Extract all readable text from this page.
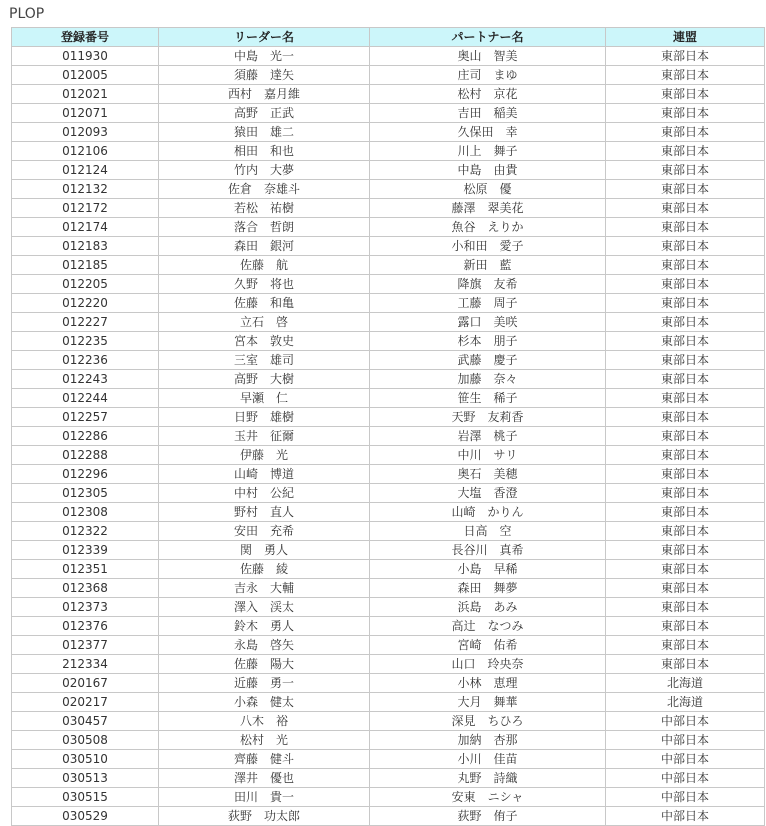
PLOP
登録番号	リーダー名	パートナー名	連盟
011930	中島　光一	奥山　智美	東部日本
012005	須藤　達矢	庄司　まゆ	東部日本
012021	西村　嘉月維	松村　京花	東部日本
012071	高野　正武	吉田　稲美	東部日本
012093	猿田　雄二	久保田　幸	東部日本
012106	相田　和也	川上　舞子	東部日本
012124	竹内　大夢	中島　由貴	東部日本
012132	佐倉　奈雄斗	松原　優	東部日本
012172	若松　祐樹	藤澤　翠美花	東部日本
012174	落合　哲朗	魚谷　えりか	東部日本
012183	森田　銀河	小和田　愛子	東部日本
012185	佐藤　航	新田　藍	東部日本
012205	久野　将也	降旗　友希	東部日本
012220	佐藤　和亀	工藤　周子	東部日本
012227	立石　啓	露口　美咲	東部日本
012235	宮本　敦史	杉本　朋子	東部日本
012236	三室　雄司	武藤　慶子	東部日本
012243	高野　大樹	加藤　奈々	東部日本
012244	早瀬　仁	笹生　稀子	東部日本
012257	日野　雄樹	天野　友莉香	東部日本
012286	玉井　征爾	岩澤　桃子	東部日本
012288	伊藤　光	中川　サリ	東部日本
012296	山崎　博道	奥石　美穂	東部日本
012305	中村　公紀	大塩　香澄	東部日本
012308	野村　直人	山崎　かりん	東部日本
012322	安田　充希	日高　空	東部日本
012339	関　勇人	長谷川　真希	東部日本
012351	佐藤　綾	小島　早稀	東部日本
012368	吉永　大輔	森田　舞夢	東部日本
012373	澤入　渓太	浜島　あみ	東部日本
012376	鈴木　勇人	高辻　なつみ	東部日本
012377	永島　啓矢	宮崎　佑希	東部日本
212334	佐藤　陽大	山口　玲央奈	東部日本
020167	近藤　勇一	小林　恵理	北海道
020217	小森　健太	大月　舞華	北海道
030457	八木　裕	深見　ちひろ	中部日本
030508	松村　光	加納　杏那	中部日本
030510	齊藤　健斗	小川　佳苗	中部日本
030513	澤井　優也	丸野　詩織	中部日本
030515	田川　貴一	安東　ニシャ	中部日本
030529	荻野　功太郎	荻野　侑子	中部日本
